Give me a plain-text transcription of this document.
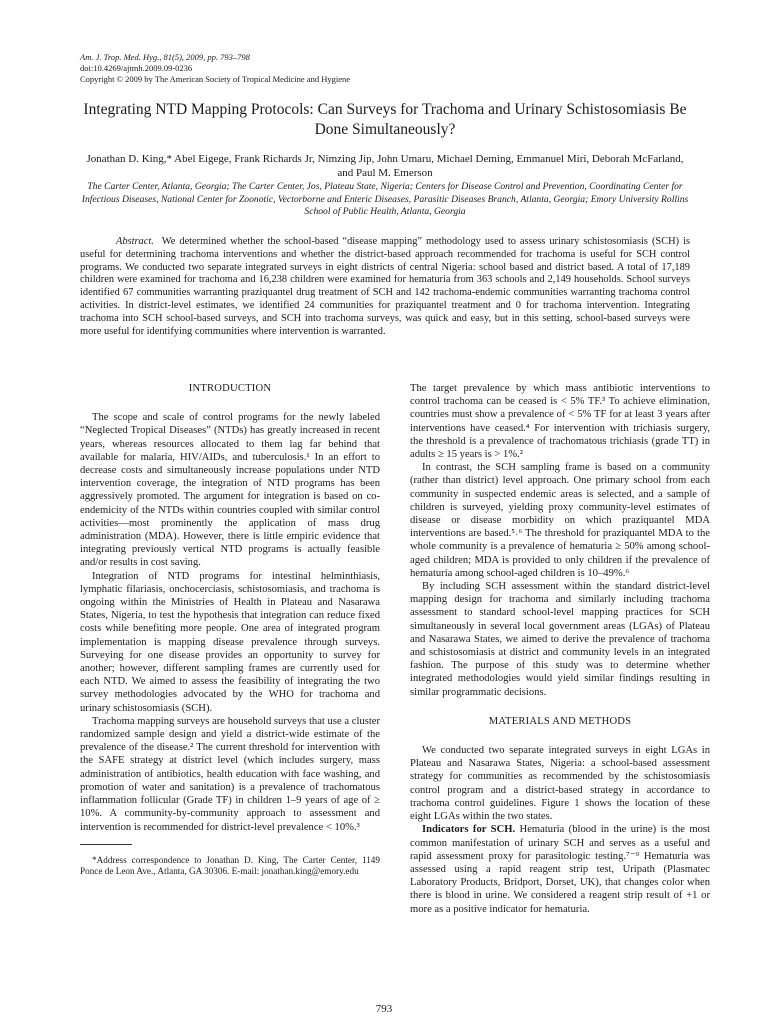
Am. J. Trop. Med. Hyg., 81(5), 2009, pp. 793–798
doi:10.4269/ajtmh.2009.09-0236
Copyright © 2009 by The American Society of Tropical Medicine and Hygiene
Integrating NTD Mapping Protocols: Can Surveys for Trachoma and Urinary Schistosomiasis Be Done Simultaneously?
Jonathan D. King,* Abel Eigege, Frank Richards Jr, Nimzing Jip, John Umaru, Michael Deming, Emmanuel Miri, Deborah McFarland, and Paul M. Emerson
The Carter Center, Atlanta, Georgia; The Carter Center, Jos, Plateau State, Nigeria; Centers for Disease Control and Prevention, Coordinating Center for Infectious Diseases, National Center for Zoonotic, Vectorborne and Enteric Diseases, Parasitic Diseases Branch, Atlanta, Georgia; Emory University Rollins School of Public Health, Atlanta, Georgia
Abstract. We determined whether the school-based “disease mapping” methodology used to assess urinary schistosomiasis (SCH) is useful for determining trachoma interventions and whether the district-based approach recommended for trachoma is useful for SCH control programs. We conducted two separate integrated surveys in eight districts of central Nigeria: school based and district based. A total of 17,189 children were examined for trachoma and 16,238 children were examined for hematuria from 363 schools and 2,149 households. School surveys identified 67 communities warranting praziquantel drug treatment of SCH and 142 trachoma-endemic communities warranting trachoma control activities. In district-level estimates, we identified 24 communities for praziquantel treatment and 0 for trachoma intervention. Integrating trachoma into SCH school-based surveys, and SCH into trachoma surveys, was quick and easy, but in this setting, school-based surveys were more useful for identifying communities where intervention is warranted.
INTRODUCTION

The scope and scale of control programs for the newly labeled “Neglected Tropical Diseases” (NTDs) has greatly increased in recent years, whereas resources allocated to them lag far behind that available for malaria, HIV/AIDs, and tuberculosis.¹ In an effort to decrease costs and simultaneously increase populations under NTD intervention coverage, the integration of NTD programs has been aggressively promoted. The argument for integration is based on co-endemicity of the NTDs within countries coupled with similar control activities—most prominently the application of mass drug administration (MDA). However, there is little empiric evidence that integrating previously vertical NTD programs is actually feasible and/or results in cost saving.

Integration of NTD programs for intestinal helminthiasis, lymphatic filariasis, onchocerciasis, schistosomiasis, and trachoma is ongoing within the Ministries of Health in Plateau and Nasarawa States, Nigeria, to test the hypothesis that integration can reduce fixed costs while benefiting more people. One area of integrated program implementation is mapping disease prevalence through surveys. Surveying for one disease provides an opportunity to survey for another; however, different sampling frames are currently used for each NTD. We aimed to assess the feasibility of integrating the two survey methodologies advocated by the WHO for trachoma and urinary schistosomiasis (SCH).

Trachoma mapping surveys are household surveys that use a cluster randomized sample design and yield a district-wide estimate of the prevalence of the disease.² The current threshold for intervention with the SAFE strategy at district level (which includes surgery, mass administration of antibiotics, health education with face washing, and promotion of water and sanitation) is a prevalence of trachomatous inflammation follicular (Grade TF) in children 1–9 years of age of ≥ 10%. A community-by-community approach to assessment and intervention is recommended for district-level prevalence < 10%.³

*Address correspondence to Jonathan D. King, The Carter Center, 1149 Ponce de Leon Ave., Atlanta, GA 30306. E-mail: jonathan.king@emory.edu

The target prevalence by which mass antibiotic interventions to control trachoma can be ceased is < 5% TF.³ To achieve elimination, countries must show a prevalence of < 5% TF for at least 3 years after interventions have ceased.⁴ For intervention with trichiasis surgery, the threshold is a prevalence of trachomatous trichiasis (grade TT) in adults ≥ 15 years is > 1%.²

In contrast, the SCH sampling frame is based on a community (rather than district) level approach. One primary school from each community in suspected endemic areas is selected, and a sample of children is surveyed, yielding proxy community-level estimates of disease or disease morbidity on which praziquantel MDA interventions are based.⁵˒⁶ The threshold for praziquantel MDA to the whole community is a prevalence of hematuria ≥ 50% among school-aged children; MDA is provided to only children if the prevalence of hematuria among school-aged children is 10–49%.⁶

By including SCH assessment within the standard district-level mapping design for trachoma and similarly including trachoma assessment to standard school-level mapping practices for SCH simultaneously in several local government areas (LGAs) of Plateau and Nasarawa States, we aimed to derive the prevalence of trachoma and schistosomiasis at district and community levels in an integrated fashion. The purpose of this study was to determine whether integrated methodologies would yield similar findings resulting in similar programmatic decisions.

MATERIALS AND METHODS

We conducted two separate integrated surveys in eight LGAs in Plateau and Nasarawa States, Nigeria: a school-based assessment strategy for communities as recommended by the schistosomiasis control program and a district-based strategy in accordance to trachoma control guidelines. Figure 1 shows the location of these eight LGAs within the two states.

Indicators for SCH. Hematuria (blood in the urine) is the most common manifestation of urinary SCH and serves as a useful and rapid assessment proxy for parasitologic testing.⁷⁻⁹ Hematuria was assessed using a rapid reagent strip test, Uripath (Plasmatec Laboratory Products, Bridport, Dorset, UK), that changes color when there is blood in urine. We considered a reagent strip result of +1 or more as a positive indicator for hematuria.

793
